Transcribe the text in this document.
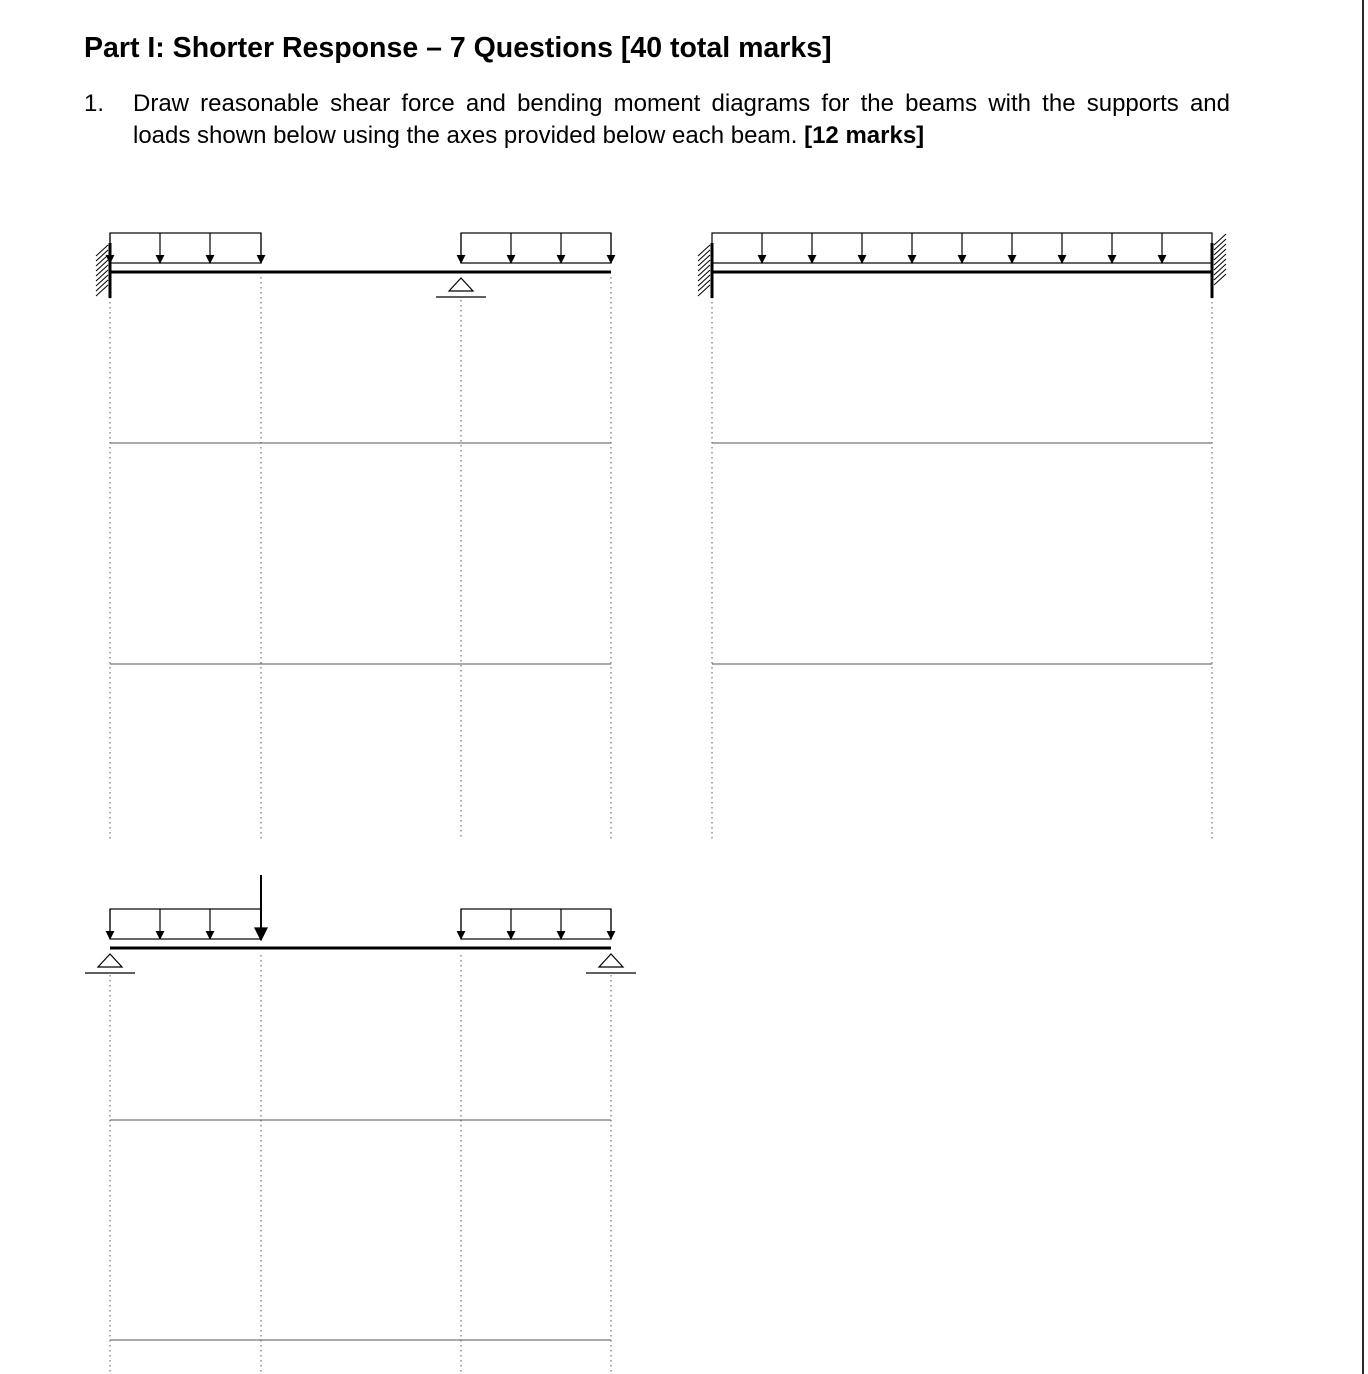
Part I: Shorter Response – 7 Questions [40 total marks]
1. Draw reasonable shear force and bending moment diagrams for the beams with the supports and loads shown below using the axes provided below each beam. [12 marks]
